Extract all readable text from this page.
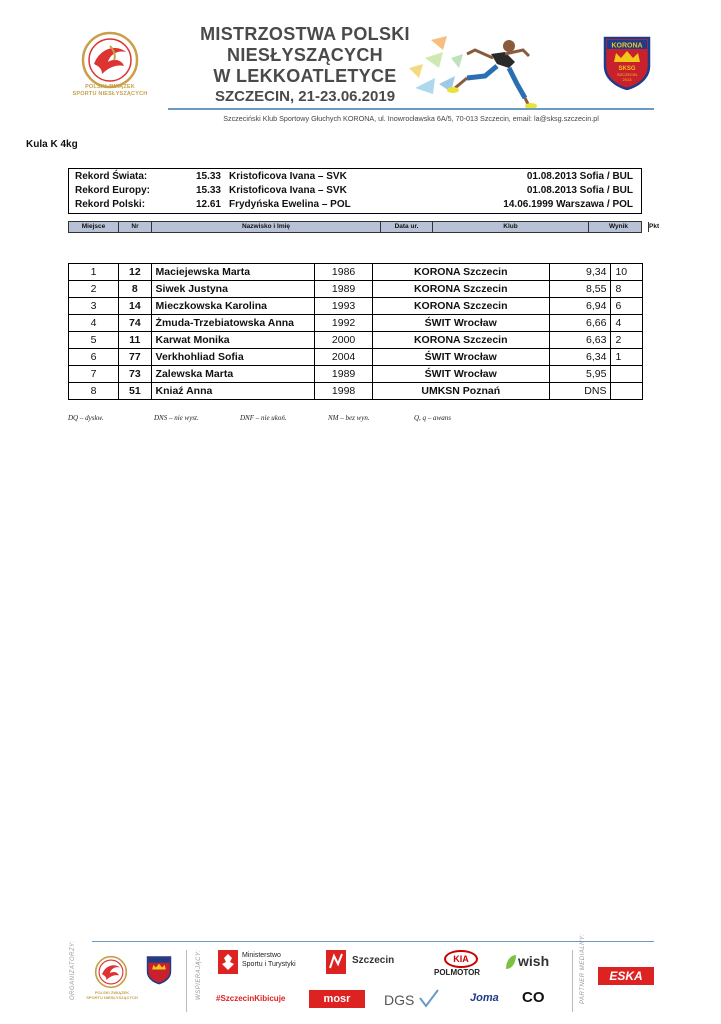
POLSKI ZWIĄZEK
SPORTU NIESŁYSZĄCYCH
MISTRZOSTWA POLSKI
NIESŁYSZĄCYCH
W LEKKOATLETYCE
SZCZECIN, 21-23.06.2019
KORONA
SKSG
SZCZECIN
2013
Szczeciński Klub Sportowy Głuchych KORONA, ul. Inowrocławska 6A/5, 70-013 Szczecin, email: la@sksg.szczecin.pl
Kula K 4kg
Rekord Świata:	15.33 Kristoficova Ivana – SVK	01.08.2013 Sofia / BUL
Rekord Europy:	15.33 Kristoficova Ivana – SVK	01.08.2013 Sofia / BUL
Rekord Polski:	12.61 Frydyńska Ewelina – POL	14.06.1999 Warszawa / POL
Miejsce	Nr	Nazwisko i Imię	Data ur.	Klub	Wynik	Pkt
1	12	Maciejewska Marta	1986	KORONA Szczecin	9,34	10
2	8	Siwek Justyna	1989	KORONA Szczecin	8,55	8
3	14	Mieczkowska Karolina	1993	KORONA Szczecin	6,94	6
4	74	Żmuda-Trzebiatowska Anna	1992	ŚWIT Wrocław	6,66	4
5	11	Karwat Monika	2000	KORONA Szczecin	6,63	2
6	77	Verkhohliad Sofia	2004	ŚWIT Wrocław	6,34	1
7	73	Zalewska Marta	1989	ŚWIT Wrocław	5,95	
8	51	Kniaź Anna	1998	UMKSN Poznań	DNS	
DQ – dyskw.	DNS – nie wyst.	DNF – nie ukoń.	NM – bez wyn.	Q, q – awans
ORGANIZATORZY:	POLSKI ZWIĄZEK
SPORTU NIESŁYSZĄCYCH	WSPIERAJĄCY:	Ministerstwo
Sportu i Turystyki	Szczecin
#SzczecinKibicuje	mosr	DGS
KIA
POLMOTOR
wish
Joma CO	PARTNER MEDIALNY:	ESKA
